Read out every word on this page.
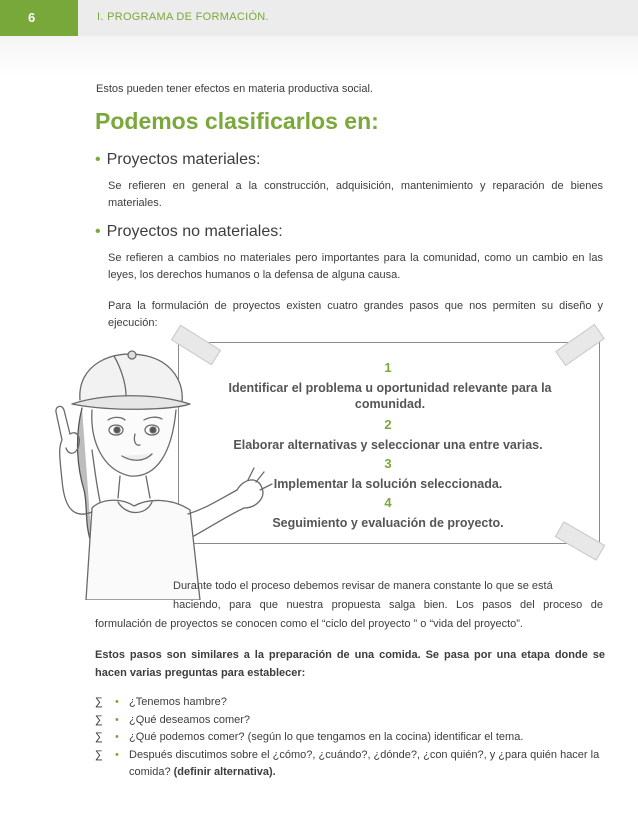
6	I. PROGRAMA DE FORMACIÓN.
Estos pueden tener efectos en materia productiva social.
Podemos clasificarlos en:
• Proyectos materiales:
Se refieren en general a la construcción, adquisición, mantenimiento y reparación de bienes materiales.
• Proyectos no materiales:
Se refieren a cambios no materiales pero importantes para la comunidad, como un cambio en las leyes, los derechos humanos o la defensa de alguna causa.
Para la formulación de proyectos existen cuatro grandes pasos que nos permiten su diseño y ejecución:
1
Identificar el problema u oportunidad relevante para la comunidad.
2
Elaborar alternativas y seleccionar una entre varias.
3
Implementar la solución seleccionada.
4
Seguimiento y evaluación de proyecto.
Durante todo el proceso debemos revisar de manera constante lo que se está
haciendo, para que nuestra propuesta salga bien. Los pasos del proceso de
formulación de proyectos se conocen como el “ciclo del proyecto ” o “vida del proyecto”.
Estos pasos son similares a la preparación de una comida. Se pasa por una etapa donde se hacen varias preguntas para establecer:
∑ • ¿Tenemos hambre?
∑ • ¿Qué deseamos comer?
∑ • ¿Qué podemos comer? (según lo que tengamos en la cocina) identificar el tema.
∑ • Después discutimos sobre el ¿cómo?, ¿cuándo?, ¿dónde?, ¿con quién?, y ¿para quién hacer la comida? (definir alternativa).
